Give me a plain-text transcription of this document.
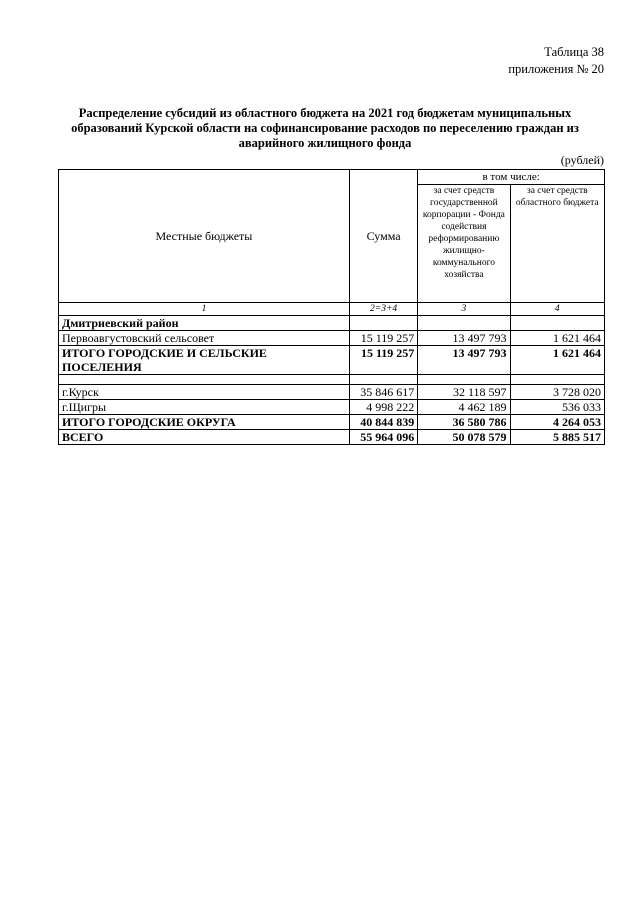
Таблица 38
приложения № 20
Распределение субсидий из областного бюджета на 2021 год бюджетам муниципальных образований Курской области на софинансирование расходов по переселению граждан из аварийного жилищного фонда
(рублей)
Местные бюджеты	Сумма	в том числе:	
		за счет средств государственной корпорации - Фонда содействия реформированию жилищно-коммунального хозяйства	за счет средств областного бюджета
1	2=3+4	3	4
Дмитриевский район			
Первоавгустовский сельсовет	15 119 257	13 497 793	1 621 464
ИТОГО ГОРОДСКИЕ И СЕЛЬСКИЕ ПОСЕЛЕНИЯ	15 119 257	13 497 793	1 621 464

г.Курск	35 846 617	32 118 597	3 728 020
г.Щигры	4 998 222	4 462 189	536 033
ИТОГО ГОРОДСКИЕ ОКРУГА	40 844 839	36 580 786	4 264 053
ВСЕГО	55 964 096	50 078 579	5 885 517
